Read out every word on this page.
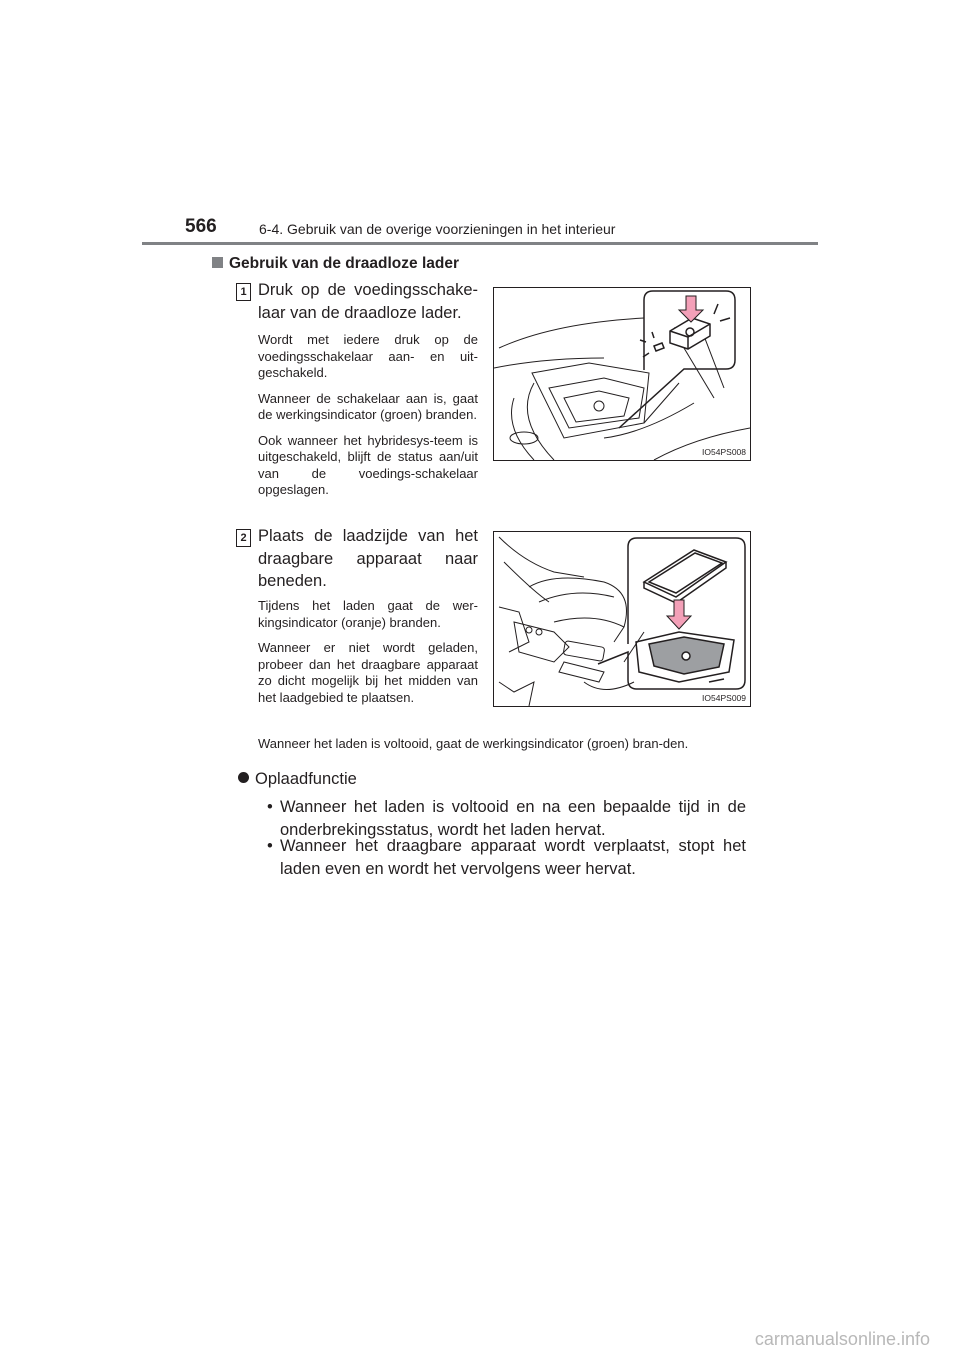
566	6-4. Gebruik van de overige voorzieningen in het interieur
Gebruik van de draadloze lader
1 Druk op de voedingsschake-laar van de draadloze lader.

Wordt met iedere druk op de voedingsschakelaar aan- en uit-geschakeld.

Wanneer de schakelaar aan is, gaat de werkingsindicator (groen) branden.

Ook wanneer het hybridesys-teem is uitgeschakeld, blijft de status aan/uit van de voedings-schakelaar opgeslagen.

IO54PS008
2 Plaats de laadzijde van het draagbare apparaat naar beneden.

Tijdens het laden gaat de wer-kingsindicator (oranje) branden.

Wanneer er niet wordt geladen, probeer dan het draagbare apparaat zo dicht mogelijk bij het midden van het laadgebied te plaatsen.	IO54PS009
Wanneer het laden is voltooid, gaat de werkingsindicator (groen) bran-den.
Oplaadfunctie
• Wanneer het laden is voltooid en na een bepaalde tijd in de onderbrekingsstatus, wordt het laden hervat.
• Wanneer het draagbare apparaat wordt verplaatst, stopt het laden even en wordt het vervolgens weer hervat.
carmanualsonline.info
